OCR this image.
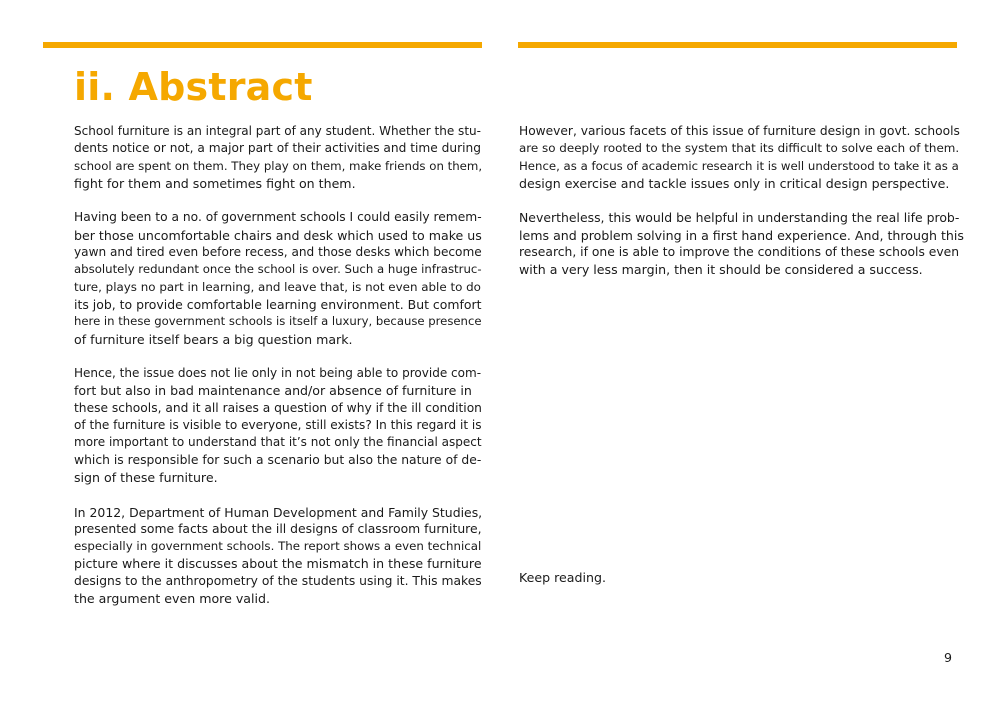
ii. Abstract

School furniture is an integral part of any student. Whether the stu-
dents notice or not, a major part of their activities and time during
school are spent on them. They play on them, make friends on them,
fight for them and sometimes fight on them.

Having been to a no. of government schools I could easily remem-
ber those uncomfortable chairs and desk which used to make us
yawn and tired even before recess, and those desks which become
absolutely redundant once the school is over. Such a huge infrastruc-
ture, plays no part in learning, and leave that, is not even able to do
its job, to provide comfortable learning environment. But comfort
here in these government schools is itself a luxury, because presence
of furniture itself bears a big question mark.

Hence, the issue does not lie only in not being able to provide com-
fort but also in bad maintenance and/or absence of furniture in
these schools, and it all raises a question of why if the ill condition
of the furniture is visible to everyone, still exists? In this regard it is
more important to understand that it’s not only the financial aspect
which is responsible for such a scenario but also the nature of de-
sign of these furniture.

In 2012, Department of Human Development and Family Studies,
presented some facts about the ill designs of classroom furniture,
especially in government schools. The report shows a even technical
picture where it discusses about the mismatch in these furniture
designs to the anthropometry of the students using it. This makes
the argument even more valid.

However, various facets of this issue of furniture design in govt. schools
are so deeply rooted to the system that its difficult to solve each of them.
Hence, as a focus of academic research it is well understood to take it as a
design exercise and tackle issues only in critical design perspective.

Nevertheless, this would be helpful in understanding the real life prob-
lems and problem solving in a first hand experience. And, through this
research, if one is able to improve the conditions of these schools even
with a very less margin, then it should be considered a success.

Keep reading.

9
